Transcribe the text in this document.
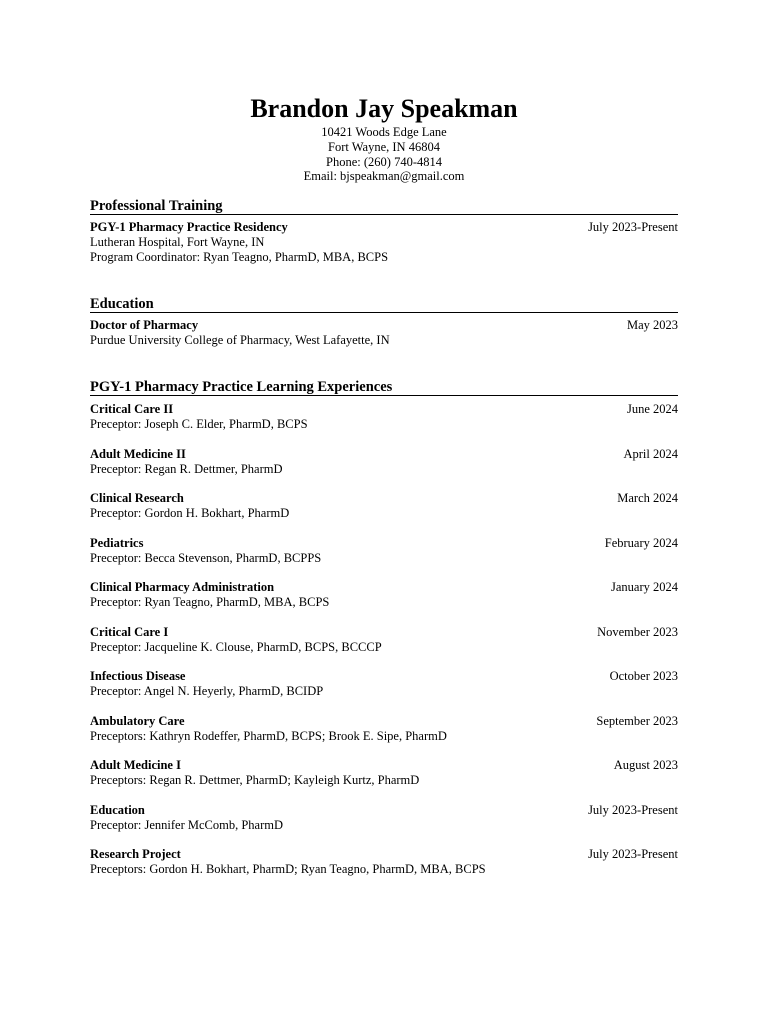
Brandon Jay Speakman
10421 Woods Edge Lane
Fort Wayne, IN 46804
Phone: (260) 740-4814
Email: bjspeakman@gmail.com
Professional Training
PGY-1 Pharmacy Practice Residency	July 2023-Present
Lutheran Hospital, Fort Wayne, IN
Program Coordinator: Ryan Teagno, PharmD, MBA, BCPS
Education
Doctor of Pharmacy	May 2023
Purdue University College of Pharmacy, West Lafayette, IN
PGY-1 Pharmacy Practice Learning Experiences
Critical Care II	June 2024
Preceptor: Joseph C. Elder, PharmD, BCPS
Adult Medicine II	April 2024
Preceptor: Regan R. Dettmer, PharmD
Clinical Research	March 2024
Preceptor: Gordon H. Bokhart, PharmD
Pediatrics	February 2024
Preceptor: Becca Stevenson, PharmD, BCPPS
Clinical Pharmacy Administration	January 2024
Preceptor: Ryan Teagno, PharmD, MBA, BCPS
Critical Care I	November 2023
Preceptor: Jacqueline K. Clouse, PharmD, BCPS, BCCCP
Infectious Disease	October 2023
Preceptor: Angel N. Heyerly, PharmD, BCIDP
Ambulatory Care	September 2023
Preceptors: Kathryn Rodeffer, PharmD, BCPS; Brook E. Sipe, PharmD
Adult Medicine I	August 2023
Preceptors: Regan R. Dettmer, PharmD; Kayleigh Kurtz, PharmD
Education	July 2023-Present
Preceptor: Jennifer McComb, PharmD
Research Project	July 2023-Present
Preceptors: Gordon H. Bokhart, PharmD; Ryan Teagno, PharmD, MBA, BCPS
